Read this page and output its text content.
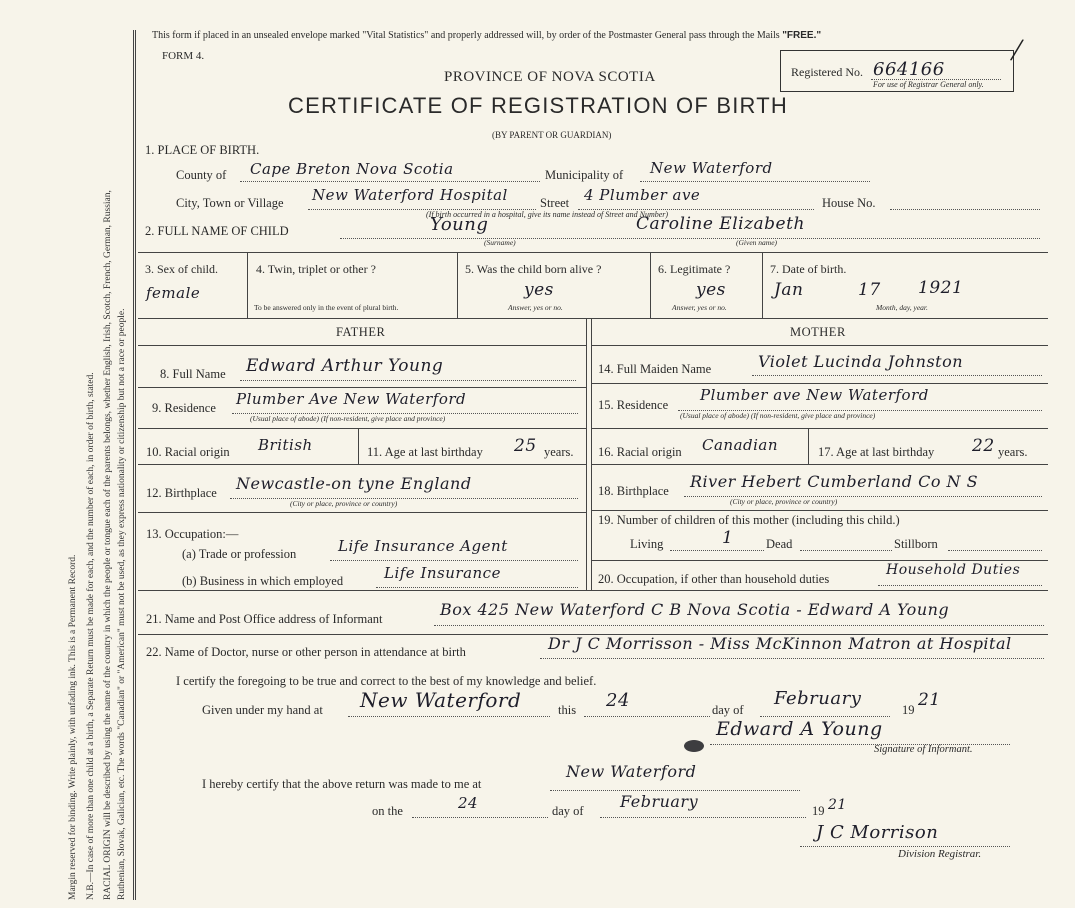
Margin reserved for binding. Write plainly, with unfading ink. This is a Permanent Record. N.B.—In case of more than one child at a birth, a Separate Return must be made for each, and the number of each, in order of birth, stated. RACIAL ORIGIN will be described by using the name of the country in which the people or tongue each of the parents belongs, whether English, Irish, Scotch, French, German, Russian, Ruthenian, Slovak, Galician, etc. The words "Canadian" or "American" must not be used, as they express nationality or citizenship but not a race or people.
This form if placed in an unsealed envelope marked "Vital Statistics" and properly addressed will, by order of the Postmaster General pass through the Mails "FREE."
FORM 4.
PROVINCE OF NOVA SCOTIA
CERTIFICATE OF REGISTRATION OF BIRTH
(BY PARENT OR GUARDIAN)
Registered No. 664166
For use of Registrar General only.
/
1. PLACE OF BIRTH.
County of Cape Breton Nova Scotia	Municipality of New Waterford
City, Town or Village New Waterford Hospital	Street 4 Plumber ave	House No.
(If birth occurred in a hospital, give its name instead of Street and Number)
2. FULL NAME OF CHILD	Young
(Surname)
Caroline Elizabeth
(Given name)
3. Sex of child.
female
4. Twin, triplet or other ?
To be answered only in the event of plural birth.
5. Was the child born alive ?
yes
Answer, yes or no.
6. Legitimate ?
yes
Answer, yes or no.
7. Date of birth.
Jan	17 1921
Month, day, year.
FATHER	MOTHER
8. Full Name Edward Arthur Young
9. Residence Plumber Ave New Waterford
(Usual place of abode) (If non-resident, give place and province)
10. Racial origin British	11. Age at last birthday 25 years.
12. Birthplace Newcastle-on tyne England
(City or place, province or country)
13. Occupation:—
(a) Trade or profession	Life Insurance Agent
(b) Business in which employed	Life Insurance
14. Full Maiden Name	Violet Lucinda Johnston
15. Residence
Plumber ave New Waterford
(Usual place of abode) (If non-resident, give place and province)
16. Racial origin Canadian	17. Age at last birthday 22 years.
18. Birthplace River Hebert Cumberland Co N S
(City or place, province or country)
19. Number of children of this mother (including this child.)
Living	1	Dead	Stillborn
20. Occupation, if other than household duties
Household Duties
21. Name and Post Office address of Informant	Box 425 New Waterford C B Nova Scotia - Edward A Young
22. Name of Doctor, nurse or other person in attendance at birth	Dr J C Morrisson - Miss McKinnon Matron at Hospital
I certify the foregoing to be true and correct to the best of my knowledge and belief.
Given under my hand at New Waterford	this 24	day of
February
19 21
Edward A Young
Signature of Informant.
I hereby certify that the above return was made to me at
New Waterford
on the	24	day of February	19 21
J C Morrison
Division Registrar.
